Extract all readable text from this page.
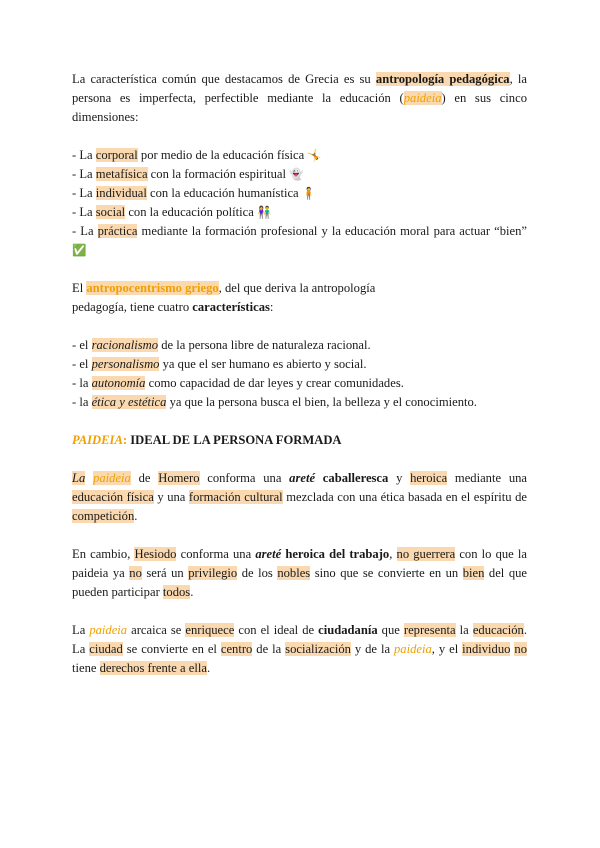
La característica común que destacamos de Grecia es su antropología pedagógica, la persona es imperfecta, perfectible mediante la educación (paideia) en sus cinco dimensiones:

- La corporal por medio de la educación física 🤸

- La metafísica con la formación espiritual 👻

- La individual con la educación humanística 🧍

- La social con la educación política 👫

- La práctica mediante la formación profesional y la educación moral para actuar “bien” ✅

El antropocentrismo griego, del que deriva la antropología
pedagogía, tiene cuatro características:

- el racionalismo de la persona libre de naturaleza racional.

- el personalismo ya que el ser humano es abierto y social.

- la autonomía como capacidad de dar leyes y crear comunidades.

- la ética y estética ya que la persona busca el bien, la belleza y el conocimiento.

PAIDEIA: IDEAL DE LA PERSONA FORMADA

La paideia de Homero conforma una areté caballeresca y heroica mediante una educación física y una formación cultural mezclada con una ética basada en el espíritu de competición.

En cambio, Hesiodo conforma una areté heroica del trabajo, no guerrera con lo que la paideia ya no será un privilegio de los nobles sino que se convierte en un bien del que pueden participar todos.

La paideia arcaica se enriquece con el ideal de ciudadanía que representa la educación. La ciudad se convierte en el centro de la socialización y de la paideia, y el individuo no tiene derechos frente a ella.
